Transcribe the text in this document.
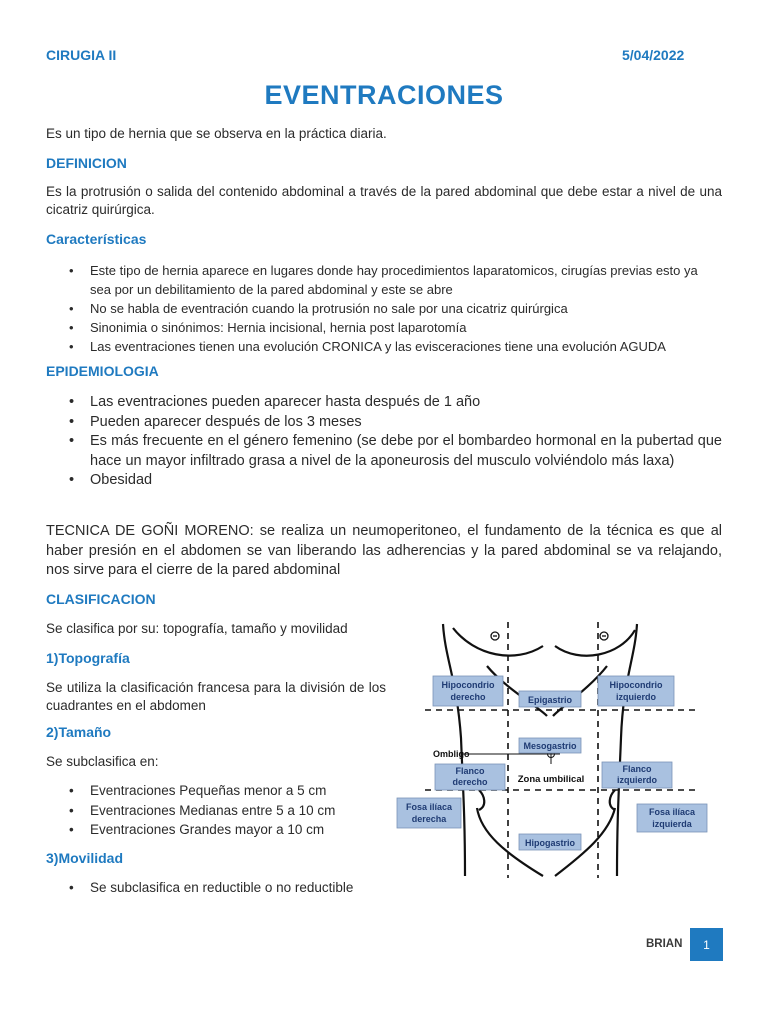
CIRUGIA II	5/04/2022
EVENTRACIONES
Es un tipo de hernia que se observa en la práctica diaria.
DEFINICION
Es la protrusión o salida del contenido abdominal a través de la pared abdominal que debe estar a nivel de una cicatriz quirúrgica.
Características
• Este tipo de hernia aparece en lugares donde hay procedimientos laparatomicos, cirugías previas esto ya sea por un debilitamiento de la pared abdominal y este se abre
• No se habla de eventración cuando la protrusión no sale por una cicatriz quirúrgica
• Sinonimia o sinónimos: Hernia incisional, hernia post laparotomía
• Las eventraciones tienen una evolución CRONICA y las evisceraciones tiene una evolución AGUDA
EPIDEMIOLOGIA
• Las eventraciones pueden aparecer hasta después de 1 año
• Pueden aparecer después de los 3 meses
• Es más frecuente en el género femenino (se debe por el bombardeo hormonal en la pubertad que hace un mayor infiltrado grasa a nivel de la aponeurosis del musculo volviéndolo más laxa)
• Obesidad
TECNICA DE GOÑI MORENO: se realiza un neumoperitoneo, el fundamento de la técnica es que al haber presión en el abdomen se van liberando las adherencias y la pared abdominal se va relajando, nos sirve para el cierre de la pared abdominal
CLASIFICACION
Se clasifica por su: topografía, tamaño y movilidad
1)Topografía
Se utiliza la clasificación francesa para la división de los cuadrantes en el abdomen
2)Tamaño
Se subclasifica en:
• Eventraciones Pequeñas menor a 5 cm
• Eventraciones Medianas entre 5 a 10 cm
• Eventraciones Grandes mayor a 10 cm
3)Movilidad
• Se subclasifica en reductible o no reductible
Hipocondrio
derecho	Epigastrio
Hipocondrio
izquierdo
Mesogastrio
Ombligo
Flanco
derecho	Zona umbilical
Flanco
izquierdo
Fosa ilíaca
derecha
Fosa ilíaca
izquierda
Hipogastrio
BRIAN 1
